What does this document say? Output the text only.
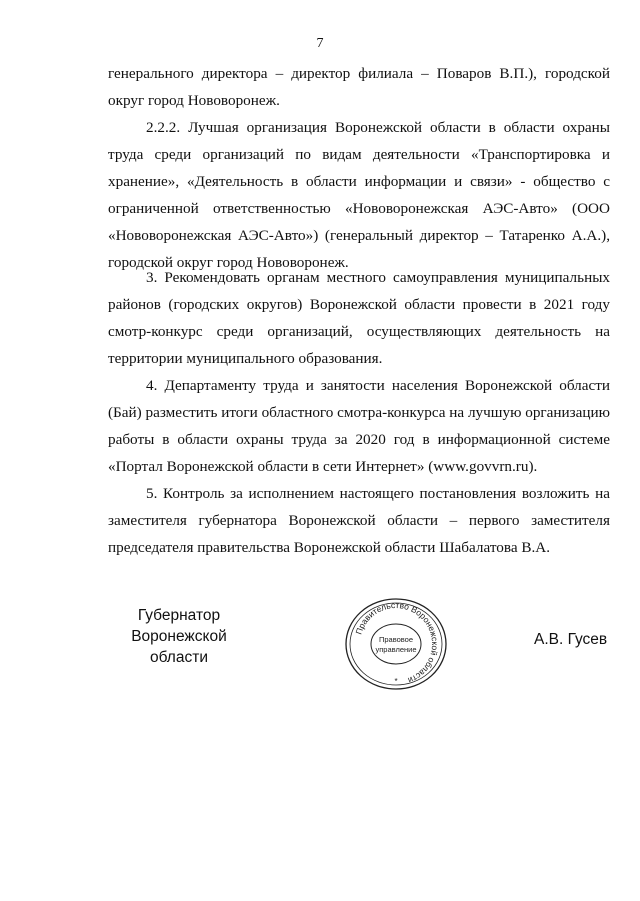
7

генерального директора – директор филиала – Поваров В.П.), городской округ город Нововоронеж.

2.2.2. Лучшая организация Воронежской области в области охраны труда среди организаций по видам деятельности «Транспортировка и хранение», «Деятельность в области информации и связи» - общество с ограниченной ответственностью «Нововоронежская АЭС-Авто» (ООО «Нововоронежская АЭС-Авто») (генеральный директор – Татаренко А.А.), городской округ город Нововоронеж.

3. Рекомендовать органам местного самоуправления муниципальных районов (городских округов) Воронежской области провести в 2021 году смотр-конкурс среди организаций, осуществляющих деятельность на территории муниципального образования.

4. Департаменту труда и занятости населения Воронежской области (Бай) разместить итоги областного смотра-конкурса на лучшую организацию работы в области охраны труда за 2020 год в информационной системе «Портал Воронежской области в сети Интернет» (www.govvrn.ru).

5. Контроль за исполнением настоящего постановления возложить на заместителя губернатора Воронежской области – первого заместителя председателя правительства Воронежской области Шабалатова В.А.

Губернатор
Воронежской области
Правительство Воронежской области
Правовое
управление
*
А.В. Гусев
